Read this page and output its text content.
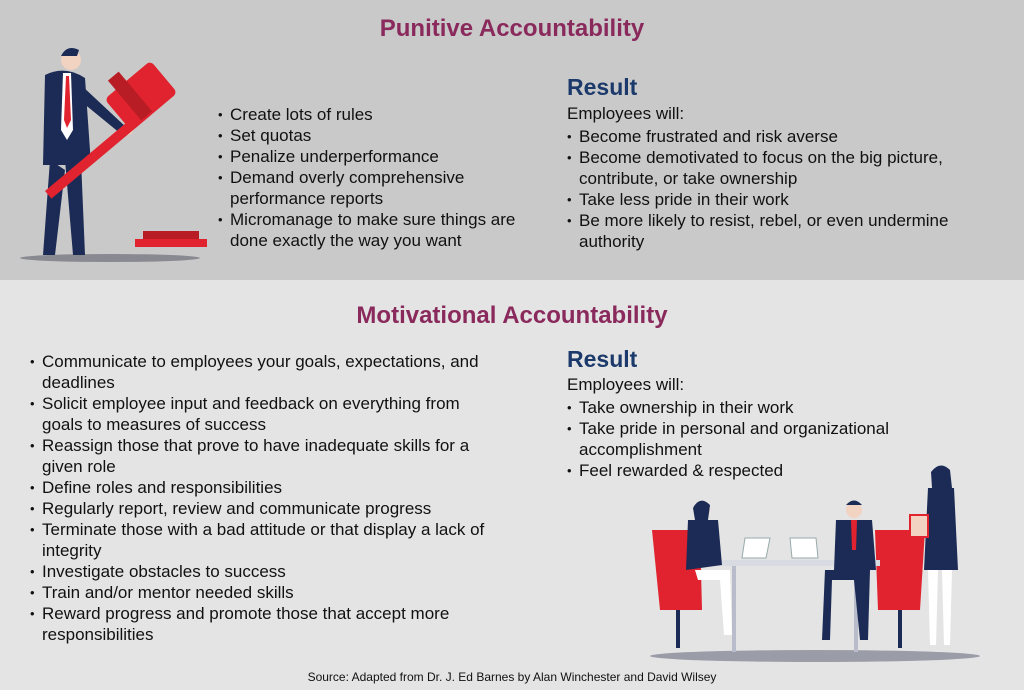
Punitive Accountability
• Create lots of rules
• Set quotas
• Penalize underperformance
• Demand overly comprehensive performance reports
• Micromanage to make sure things are done exactly the way you want
Result
Employees will:
• Become frustrated and risk averse
• Become demotivated to focus on the big picture, contribute, or take ownership
• Take less pride in their work
• Be more likely to resist, rebel, or even undermine authority
Motivational Accountability
• Communicate to employees your goals, expectations, and deadlines
• Solicit employee input and feedback on everything from goals to measures of success
• Reassign those that prove to have inadequate skills for a given role
• Define roles and responsibilities
• Regularly report, review and communicate progress
• Terminate those with a bad attitude or that display a lack of integrity
• Investigate obstacles to success
• Train and/or mentor needed skills
• Reward progress and promote those that accept more responsibilities
Result
Employees will:
• Take ownership in their work
• Take pride in personal and organizational accomplishment
• Feel rewarded & respected
Source: Adapted from Dr. J. Ed Barnes by Alan Winchester and David Wilsey
